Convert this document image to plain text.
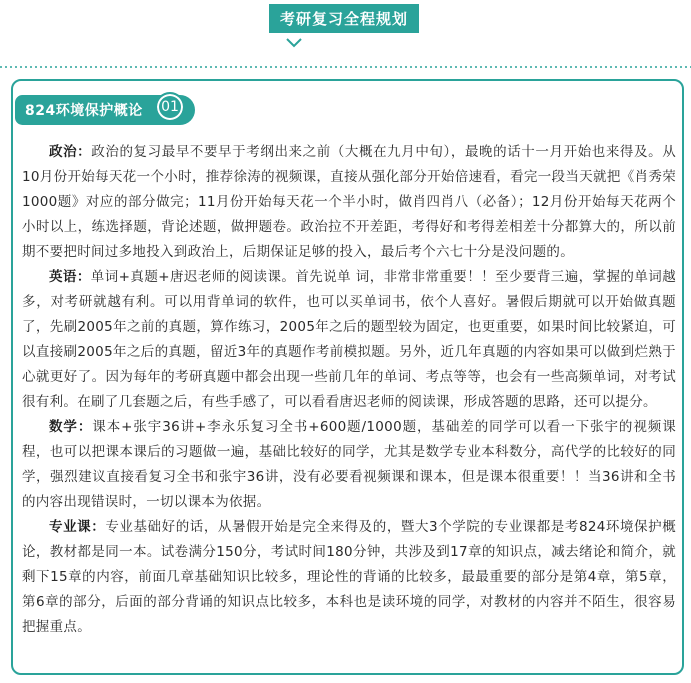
考研复习全程规划
824环境保护概论	01

政治：政治的复习最早不要早于考纲出来之前（大概在九月中旬），最晚的话十一月开始也来得及。从10月份开始每天花一个小时，推荐徐涛的视频课，直接从强化部分开始倍速看，看完一段当天就把《肖秀荣1000题》对应的部分做完；11月份开始每天花一个半小时，做肖四肖八（必备）；12月份开始每天花两个小时以上，练选择题，背论述题，做押题卷。政治拉不开差距，考得好和考得差相差十分都算大的，所以前期不要把时间过多地投入到政治上，后期保证足够的投入，最后考个六七十分是没问题的。

英语：单词+真题+唐迟老师的阅读课。首先说单 词，非常非常重要！！至少要背三遍，掌握的单词越多，对考研就越有利。可以用背单词的软件，也可以买单词书，依个人喜好。暑假后期就可以开始做真题了，先刷2005年之前的真题，算作练习，2005年之后的题型较为固定，也更重要，如果时间比较紧迫，可以直接刷2005年之后的真题，留近3年的真题作考前模拟题。另外，近几年真题的内容如果可以做到烂熟于心就更好了。因为每年的考研真题中都会出现一些前几年的单词、考点等等，也会有一些高频单词，对考试很有利。在刷了几套题之后，有些手感了，可以看看唐迟老师的阅读课，形成答题的思路，还可以提分。

数学：课本+张宇36讲+李永乐复习全书+600题/1000题，基础差的同学可以看一下张宇的视频课程，也可以把课本课后的习题做一遍，基础比较好的同学，尤其是数学专业本科数分，高代学的比较好的同学，强烈建议直接看复习全书和张宇36讲，没有必要看视频课和课本，但是课本很重要！！当36讲和全书的内容出现错误时，一切以课本为依据。

专业课：专业基础好的话，从暑假开始是完全来得及的，暨大3个学院的专业课都是考824环境保护概论，教材都是同一本。试卷满分150分，考试时间180分钟，共涉及到17章的知识点，减去绪论和简介，就剩下15章的内容，前面几章基础知识比较多，理论性的背诵的比较多，最最重要的部分是第4章，第5章，第6章的部分，后面的部分背诵的知识点比较多，本科也是读环境的同学，对教材的内容并不陌生，很容易把握重点。
